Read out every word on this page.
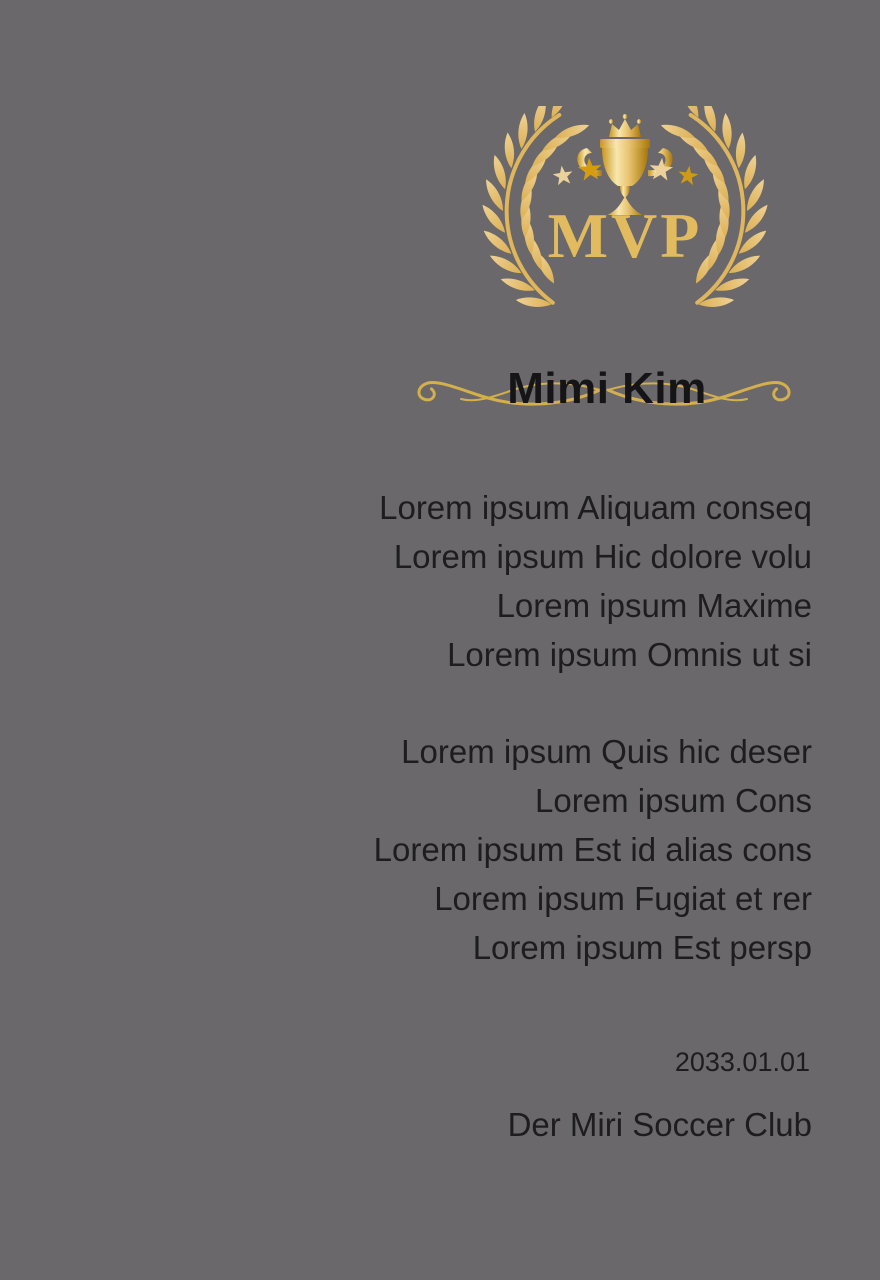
MVP
Mimi Kim
Lorem ipsum Aliquam conseq
Lorem ipsum Hic dolore volu
Lorem ipsum Maxime
Lorem ipsum Omnis ut si
Lorem ipsum Quis hic deser
Lorem ipsum Cons
Lorem ipsum Est id alias cons
Lorem ipsum Fugiat et rer
Lorem ipsum Est persp
2033.01.01
Der Miri Soccer Club
